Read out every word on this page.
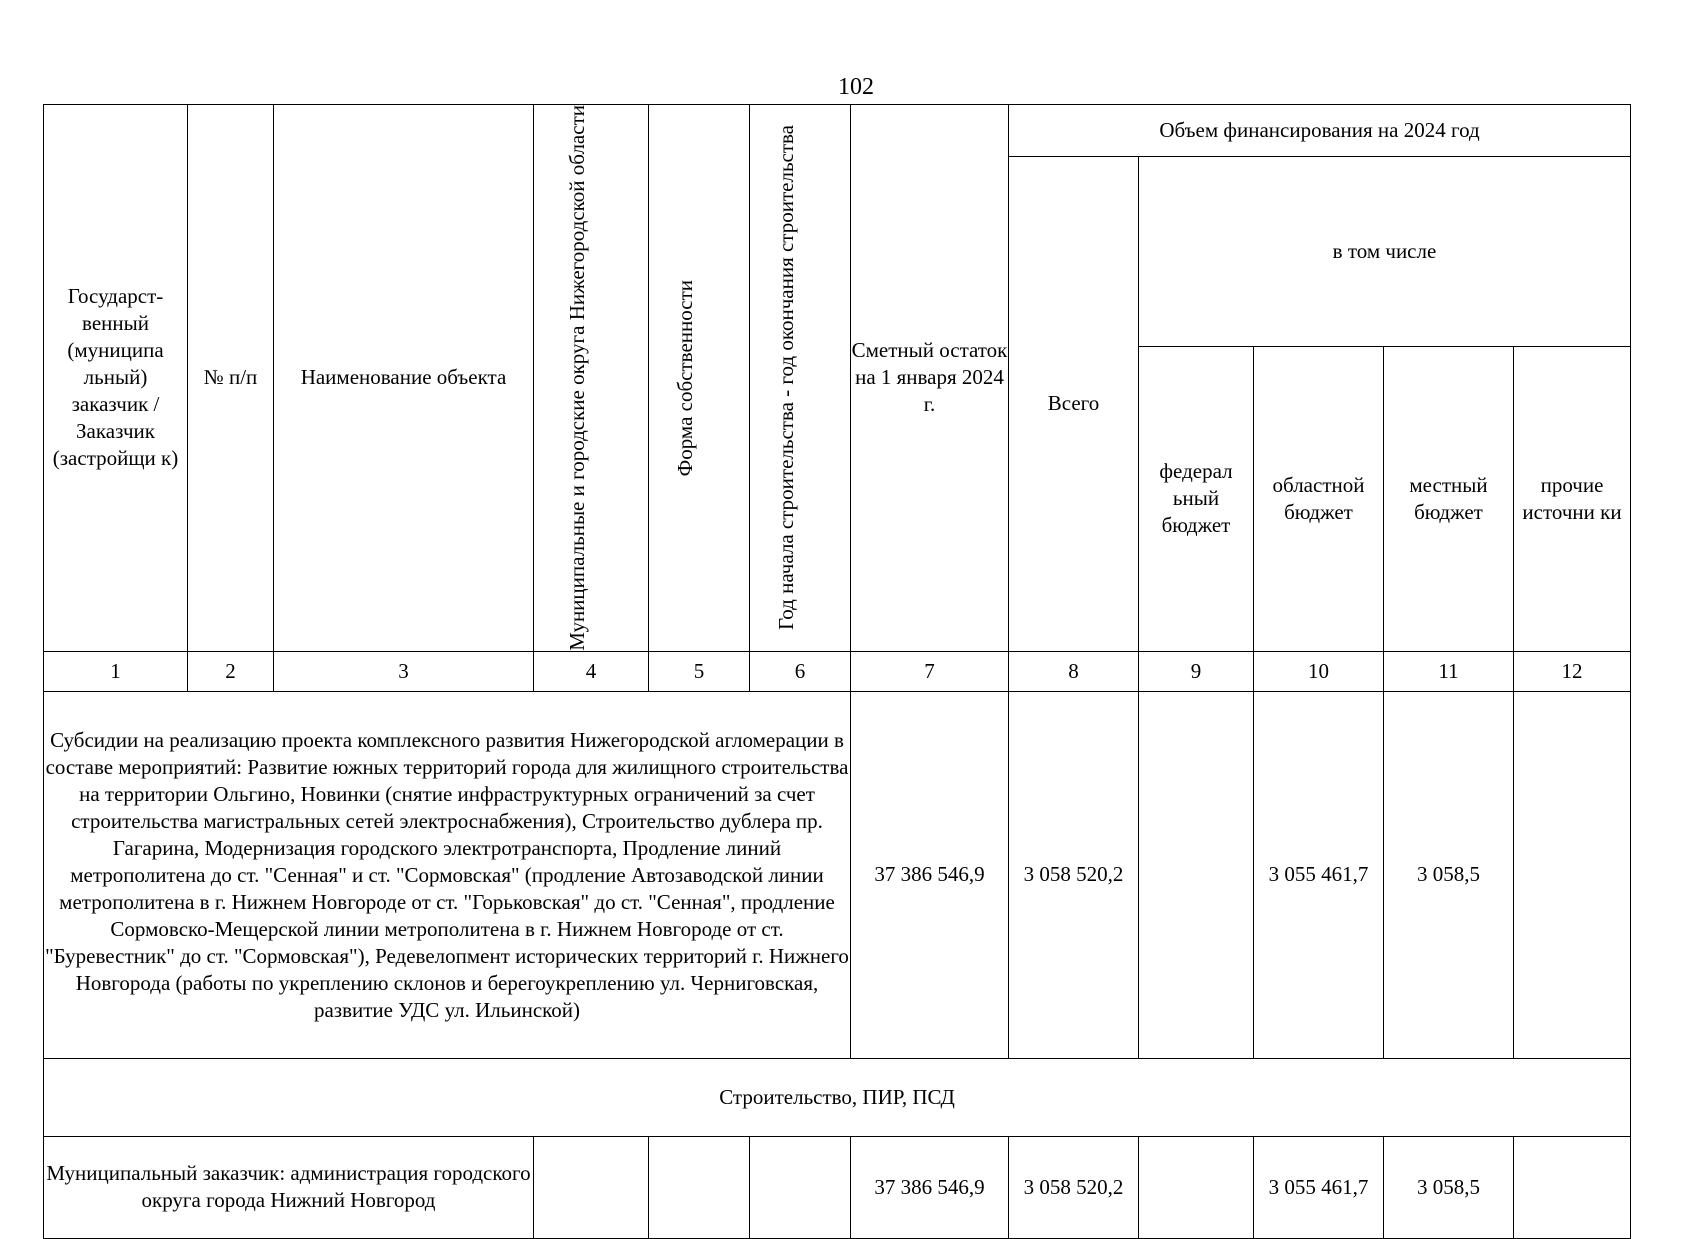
102
Государст-венный (муниципа льный) заказчик / Заказчик (застройщи к)	№ п/п	Наименование объекта	Муниципальные и городские округа Нижегородской области	Форма собственности	Год начала строительства - год окончания строительства	Сметный остаток на 1 января 2024 г.	Объем финансирования на 2024 год				
							Всего	в том числе			
								федерал ьный бюджет	областной бюджет	местный бюджет	прочие источни ки
1	2	3	4	5	6	7	8	9	10	11	12

Субсидии на реализацию проекта комплексного развития Нижегородской агломерации в составе мероприятий: Развитие южных территорий города для жилищного строительства на территории Ольгино, Новинки (снятие инфраструктурных ограничений за счет строительства магистральных сетей электроснабжения), Строительство дублера пр. Гагарина, Модернизация городского электротранспорта, Продление линий метрополитена до ст. "Сенная" и ст. "Сормовская" (продление Автозаводской линии метрополитена в г. Нижнем Новгороде от ст. "Горьковская" до ст. "Сенная", продление Сормовско-Мещерской линии метрополитена в г. Нижнем Новгороде от ст. "Буревестник" до ст. "Сормовская"), Редевелопмент исторических территорий г. Нижнего Новгорода (работы по укреплению склонов и берегоукреплению ул. Черниговская, развитие УДС ул. Ильинской)						37 386 546,9	3 058 520,2		3 055 461,7	3 058,5	
Строительство, ПИР, ПСД											
Муниципальный заказчик: администрация городского округа города Нижний Новгород						37 386 546,9	3 058 520,2		3 055 461,7	3 058,5	
